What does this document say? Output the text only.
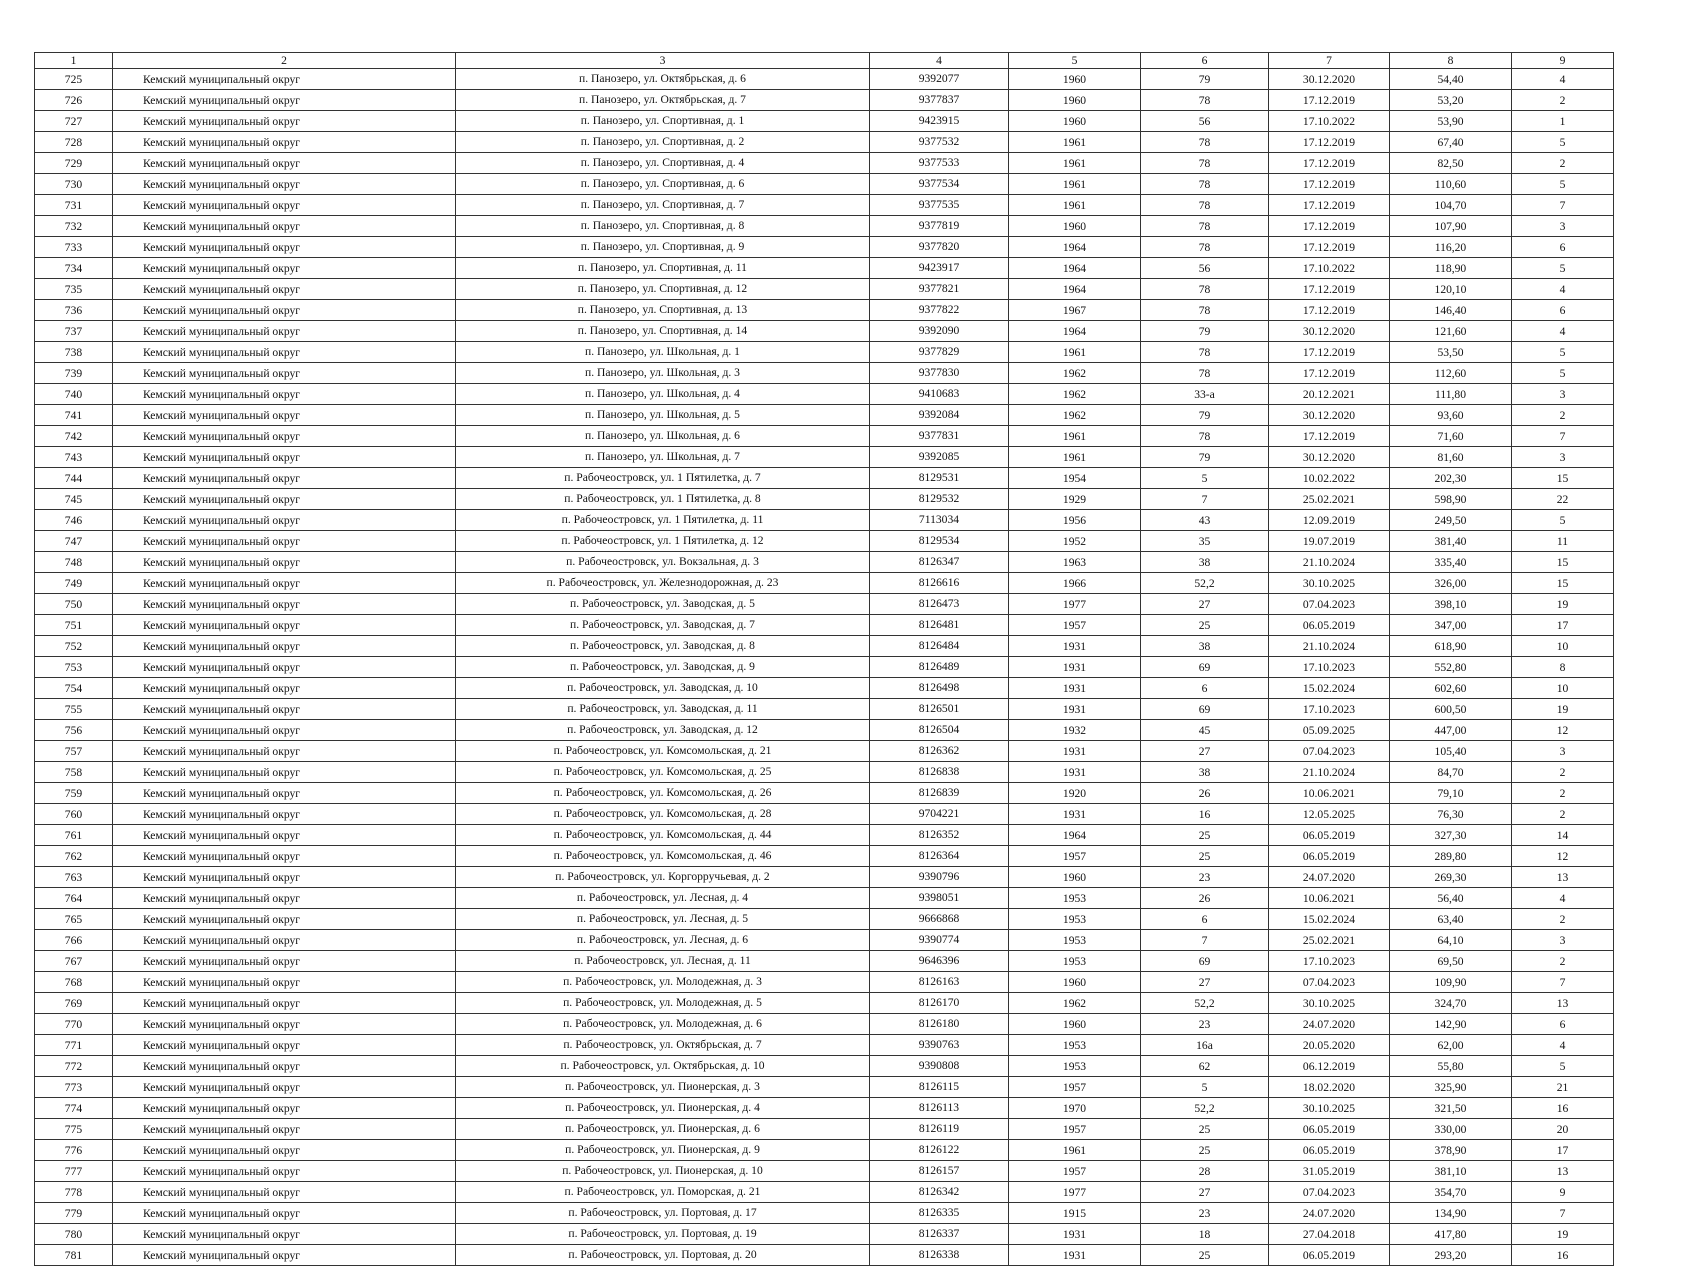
1	2	3	4	5	6	7	8	9
725	Кемский муниципальный округ	п. Панозеро, ул. Октябрьская, д. 6	9392077	1960	79	30.12.2020	54,40	4
726	Кемский муниципальный округ	п. Панозеро, ул. Октябрьская, д. 7	9377837	1960	78	17.12.2019	53,20	2
727	Кемский муниципальный округ	п. Панозеро, ул. Спортивная, д. 1	9423915	1960	56	17.10.2022	53,90	1
728	Кемский муниципальный округ	п. Панозеро, ул. Спортивная, д. 2	9377532	1961	78	17.12.2019	67,40	5
729	Кемский муниципальный округ	п. Панозеро, ул. Спортивная, д. 4	9377533	1961	78	17.12.2019	82,50	2
730	Кемский муниципальный округ	п. Панозеро, ул. Спортивная, д. 6	9377534	1961	78	17.12.2019	110,60	5
731	Кемский муниципальный округ	п. Панозеро, ул. Спортивная, д. 7	9377535	1961	78	17.12.2019	104,70	7
732	Кемский муниципальный округ	п. Панозеро, ул. Спортивная, д. 8	9377819	1960	78	17.12.2019	107,90	3
733	Кемский муниципальный округ	п. Панозеро, ул. Спортивная, д. 9	9377820	1964	78	17.12.2019	116,20	6
734	Кемский муниципальный округ	п. Панозеро, ул. Спортивная, д. 11	9423917	1964	56	17.10.2022	118,90	5
735	Кемский муниципальный округ	п. Панозеро, ул. Спортивная, д. 12	9377821	1964	78	17.12.2019	120,10	4
736	Кемский муниципальный округ	п. Панозеро, ул. Спортивная, д. 13	9377822	1967	78	17.12.2019	146,40	6
737	Кемский муниципальный округ	п. Панозеро, ул. Спортивная, д. 14	9392090	1964	79	30.12.2020	121,60	4
738	Кемский муниципальный округ	п. Панозеро, ул. Школьная, д. 1	9377829	1961	78	17.12.2019	53,50	5
739	Кемский муниципальный округ	п. Панозеро, ул. Школьная, д. 3	9377830	1962	78	17.12.2019	112,60	5
740	Кемский муниципальный округ	п. Панозеро, ул. Школьная, д. 4	9410683	1962	33-а	20.12.2021	111,80	3
741	Кемский муниципальный округ	п. Панозеро, ул. Школьная, д. 5	9392084	1962	79	30.12.2020	93,60	2
742	Кемский муниципальный округ	п. Панозеро, ул. Школьная, д. 6	9377831	1961	78	17.12.2019	71,60	7
743	Кемский муниципальный округ	п. Панозеро, ул. Школьная, д. 7	9392085	1961	79	30.12.2020	81,60	3
744	Кемский муниципальный округ	п. Рабочеостровск, ул. 1 Пятилетка, д. 7	8129531	1954	5	10.02.2022	202,30	15
745	Кемский муниципальный округ	п. Рабочеостровск, ул. 1 Пятилетка, д. 8	8129532	1929	7	25.02.2021	598,90	22
746	Кемский муниципальный округ	п. Рабочеостровск, ул. 1 Пятилетка, д. 11	7113034	1956	43	12.09.2019	249,50	5
747	Кемский муниципальный округ	п. Рабочеостровск, ул. 1 Пятилетка, д. 12	8129534	1952	35	19.07.2019	381,40	11
748	Кемский муниципальный округ	п. Рабочеостровск, ул. Вокзальная, д. 3	8126347	1963	38	21.10.2024	335,40	15
749	Кемский муниципальный округ	п. Рабочеостровск, ул. Железнодорожная, д. 23	8126616	1966	52,2	30.10.2025	326,00	15
750	Кемский муниципальный округ	п. Рабочеостровск, ул. Заводская, д. 5	8126473	1977	27	07.04.2023	398,10	19
751	Кемский муниципальный округ	п. Рабочеостровск, ул. Заводская, д. 7	8126481	1957	25	06.05.2019	347,00	17
752	Кемский муниципальный округ	п. Рабочеостровск, ул. Заводская, д. 8	8126484	1931	38	21.10.2024	618,90	10
753	Кемский муниципальный округ	п. Рабочеостровск, ул. Заводская, д. 9	8126489	1931	69	17.10.2023	552,80	8
754	Кемский муниципальный округ	п. Рабочеостровск, ул. Заводская, д. 10	8126498	1931	6	15.02.2024	602,60	10
755	Кемский муниципальный округ	п. Рабочеостровск, ул. Заводская, д. 11	8126501	1931	69	17.10.2023	600,50	19
756	Кемский муниципальный округ	п. Рабочеостровск, ул. Заводская, д. 12	8126504	1932	45	05.09.2025	447,00	12
757	Кемский муниципальный округ	п. Рабочеостровск, ул. Комсомольская, д. 21	8126362	1931	27	07.04.2023	105,40	3
758	Кемский муниципальный округ	п. Рабочеостровск, ул. Комсомольская, д. 25	8126838	1931	38	21.10.2024	84,70	2
759	Кемский муниципальный округ	п. Рабочеостровск, ул. Комсомольская, д. 26	8126839	1920	26	10.06.2021	79,10	2
760	Кемский муниципальный округ	п. Рабочеостровск, ул. Комсомольская, д. 28	9704221	1931	16	12.05.2025	76,30	2
761	Кемский муниципальный округ	п. Рабочеостровск, ул. Комсомольская, д. 44	8126352	1964	25	06.05.2019	327,30	14
762	Кемский муниципальный округ	п. Рабочеостровск, ул. Комсомольская, д. 46	8126364	1957	25	06.05.2019	289,80	12
763	Кемский муниципальный округ	п. Рабочеостровск, ул. Коргорручьевая, д. 2	9390796	1960	23	24.07.2020	269,30	13
764	Кемский муниципальный округ	п. Рабочеостровск, ул. Лесная, д. 4	9398051	1953	26	10.06.2021	56,40	4
765	Кемский муниципальный округ	п. Рабочеостровск, ул. Лесная, д. 5	9666868	1953	6	15.02.2024	63,40	2
766	Кемский муниципальный округ	п. Рабочеостровск, ул. Лесная, д. 6	9390774	1953	7	25.02.2021	64,10	3
767	Кемский муниципальный округ	п. Рабочеостровск, ул. Лесная, д. 11	9646396	1953	69	17.10.2023	69,50	2
768	Кемский муниципальный округ	п. Рабочеостровск, ул. Молодежная, д. 3	8126163	1960	27	07.04.2023	109,90	7
769	Кемский муниципальный округ	п. Рабочеостровск, ул. Молодежная, д. 5	8126170	1962	52,2	30.10.2025	324,70	13
770	Кемский муниципальный округ	п. Рабочеостровск, ул. Молодежная, д. 6	8126180	1960	23	24.07.2020	142,90	6
771	Кемский муниципальный округ	п. Рабочеостровск, ул. Октябрьская, д. 7	9390763	1953	16а	20.05.2020	62,00	4
772	Кемский муниципальный округ	п. Рабочеостровск, ул. Октябрьская, д. 10	9390808	1953	62	06.12.2019	55,80	5
773	Кемский муниципальный округ	п. Рабочеостровск, ул. Пионерская, д. 3	8126115	1957	5	18.02.2020	325,90	21
774	Кемский муниципальный округ	п. Рабочеостровск, ул. Пионерская, д. 4	8126113	1970	52,2	30.10.2025	321,50	16
775	Кемский муниципальный округ	п. Рабочеостровск, ул. Пионерская, д. 6	8126119	1957	25	06.05.2019	330,00	20
776	Кемский муниципальный округ	п. Рабочеостровск, ул. Пионерская, д. 9	8126122	1961	25	06.05.2019	378,90	17
777	Кемский муниципальный округ	п. Рабочеостровск, ул. Пионерская, д. 10	8126157	1957	28	31.05.2019	381,10	13
778	Кемский муниципальный округ	п. Рабочеостровск, ул. Поморская, д. 21	8126342	1977	27	07.04.2023	354,70	9
779	Кемский муниципальный округ	п. Рабочеостровск, ул. Портовая, д. 17	8126335	1915	23	24.07.2020	134,90	7
780	Кемский муниципальный округ	п. Рабочеостровск, ул. Портовая, д. 19	8126337	1931	18	27.04.2018	417,80	19
781	Кемский муниципальный округ	п. Рабочеостровск, ул. Портовая, д. 20	8126338	1931	25	06.05.2019	293,20	16
